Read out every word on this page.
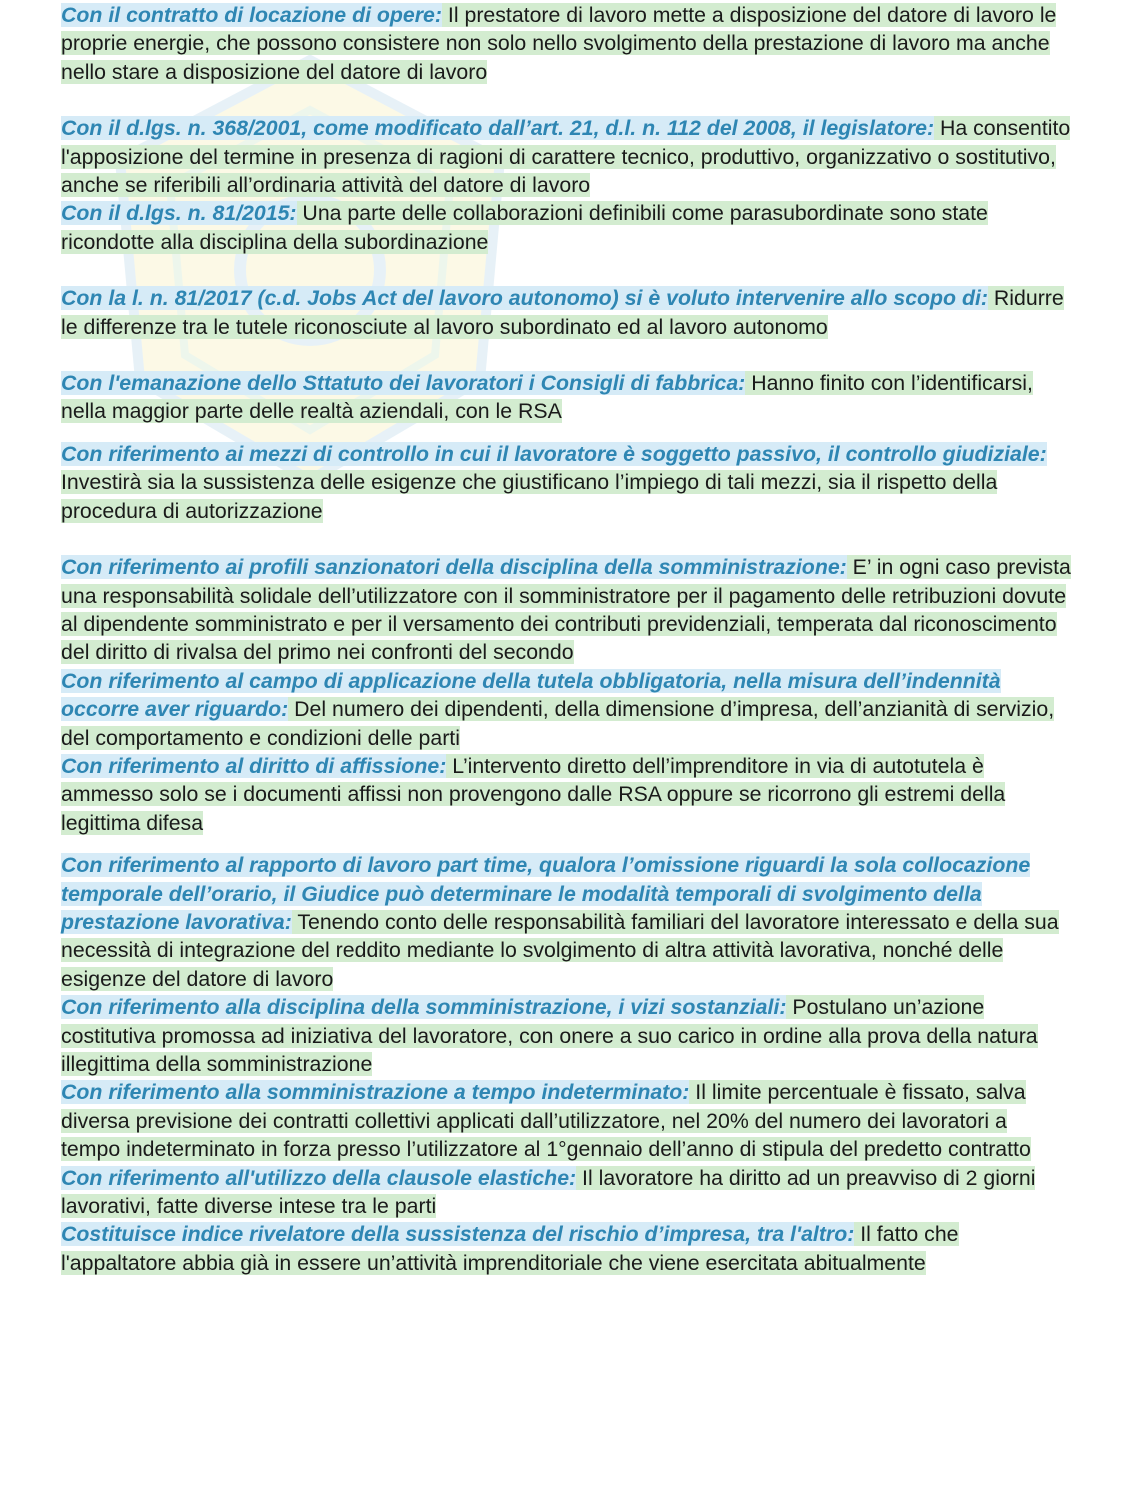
Con il contratto di locazione di opere: Il prestatore di lavoro mette a disposizione del datore di lavoro le proprie energie, che possono consistere non solo nello svolgimento della prestazione di lavoro ma anche nello stare a disposizione del datore di lavoro

Con il d.lgs. n. 368/2001, come modificato dall’art. 21, d.l. n. 112 del 2008, il legislatore: Ha consentito l'apposizione del termine in presenza di ragioni di carattere tecnico, produttivo, organizzativo o sostitutivo, anche se riferibili all’ordinaria attività del datore di lavoro

Con il d.lgs. n. 81/2015: Una parte delle collaborazioni definibili come parasubordinate sono state ricondotte alla disciplina della subordinazione

Con la l. n. 81/2017 (c.d. Jobs Act del lavoro autonomo) si è voluto intervenire allo scopo di: Ridurre le differenze tra le tutele riconosciute al lavoro subordinato ed al lavoro autonomo

Con l'emanazione dello Sttatuto dei lavoratori i Consigli di fabbrica: Hanno finito con l’identificarsi, nella maggior parte delle realtà aziendali, con le RSA

Con riferimento ai mezzi di controllo in cui il lavoratore è soggetto passivo, il controllo giudiziale: Investirà sia la sussistenza delle esigenze che giustificano l’impiego di tali mezzi, sia il rispetto della procedura di autorizzazione

Con riferimento ai profili sanzionatori della disciplina della somministrazione: E’ in ogni caso prevista una responsabilità solidale dell’utilizzatore con il somministratore per il pagamento delle retribuzioni dovute al dipendente somministrato e per il versamento dei contributi previdenziali, temperata dal riconoscimento del diritto di rivalsa del primo nei confronti del secondo

Con riferimento al campo di applicazione della tutela obbligatoria, nella misura dell’indennità occorre aver riguardo: Del numero dei dipendenti, della dimensione d’impresa, dell’anzianità di servizio, del comportamento e condizioni delle parti

Con riferimento al diritto di affissione: L’intervento diretto dell’imprenditore in via di autotutela è ammesso solo se i documenti affissi non provengono dalle RSA oppure se ricorrono gli estremi della legittima difesa

Con riferimento al rapporto di lavoro part time, qualora l’omissione riguardi la sola collocazione temporale dell’orario, il Giudice può determinare le modalità temporali di svolgimento della prestazione lavorativa: Tenendo conto delle responsabilità familiari del lavoratore interessato e della sua necessità di integrazione del reddito mediante lo svolgimento di altra attività lavorativa, nonché delle esigenze del datore di lavoro

Con riferimento alla disciplina della somministrazione, i vizi sostanziali: Postulano un’azione costitutiva promossa ad iniziativa del lavoratore, con onere a suo carico in ordine alla prova della natura illegittima della somministrazione

Con riferimento alla somministrazione a tempo indeterminato: Il limite percentuale è fissato, salva diversa previsione dei contratti collettivi applicati dall’utilizzatore, nel 20% del numero dei lavoratori a tempo indeterminato in forza presso l’utilizzatore al 1°gennaio dell’anno di stipula del predetto contratto

Con riferimento all'utilizzo della clausole elastiche: Il lavoratore ha diritto ad un preavviso di 2 giorni lavorativi, fatte diverse intese tra le parti

Costituisce indice rivelatore della sussistenza del rischio d’impresa, tra l'altro: Il fatto che l'appaltatore abbia già in essere un’attività imprenditoriale che viene esercitata abitualmente
